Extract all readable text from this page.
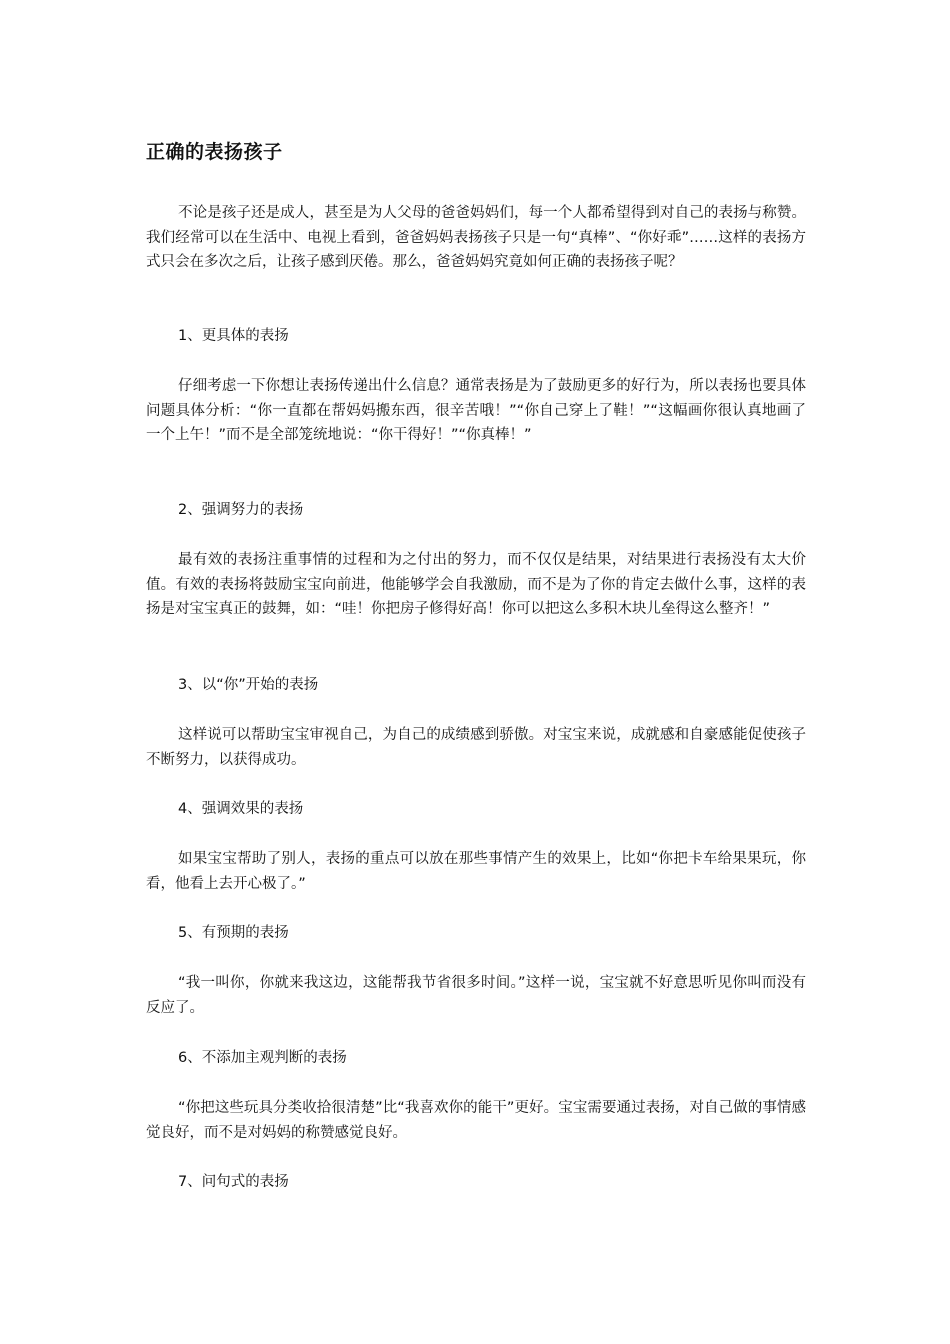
正确的表扬孩子

不论是孩子还是成人，甚至是为人父母的爸爸妈妈们，每一个人都希望得到对自己的表扬与称赞。我们经常可以在生活中、电视上看到，爸爸妈妈表扬孩子只是一句“真棒”、“你好乖”……这样的表扬方式只会在多次之后，让孩子感到厌倦。那么，爸爸妈妈究竟如何正确的表扬孩子呢？

1、更具体的表扬

仔细考虑一下你想让表扬传递出什么信息？通常表扬是为了鼓励更多的好行为，所以表扬也要具体问题具体分析：“你一直都在帮妈妈搬东西，很辛苦哦！”“你自己穿上了鞋！”“这幅画你很认真地画了一个上午！”而不是全部笼统地说：“你干得好！”“你真棒！”

2、强调努力的表扬

最有效的表扬注重事情的过程和为之付出的努力，而不仅仅是结果，对结果进行表扬没有太大价值。有效的表扬将鼓励宝宝向前进，他能够学会自我激励，而不是为了你的肯定去做什么事，这样的表扬是对宝宝真正的鼓舞，如：“哇！你把房子修得好高！你可以把这么多积木块儿垒得这么整齐！”

3、以“你”开始的表扬

这样说可以帮助宝宝审视自己，为自己的成绩感到骄傲。对宝宝来说，成就感和自豪感能促使孩子不断努力，以获得成功。

4、强调效果的表扬

如果宝宝帮助了别人，表扬的重点可以放在那些事情产生的效果上，比如“你把卡车给果果玩，你看，他看上去开心极了。”

5、有预期的表扬

“我一叫你，你就来我这边，这能帮我节省很多时间。”这样一说，宝宝就不好意思听见你叫而没有反应了。

6、不添加主观判断的表扬

“你把这些玩具分类收拾很清楚”比“我喜欢你的能干”更好。宝宝需要通过表扬，对自己做的事情感觉良好，而不是对妈妈的称赞感觉良好。

7、问句式的表扬
